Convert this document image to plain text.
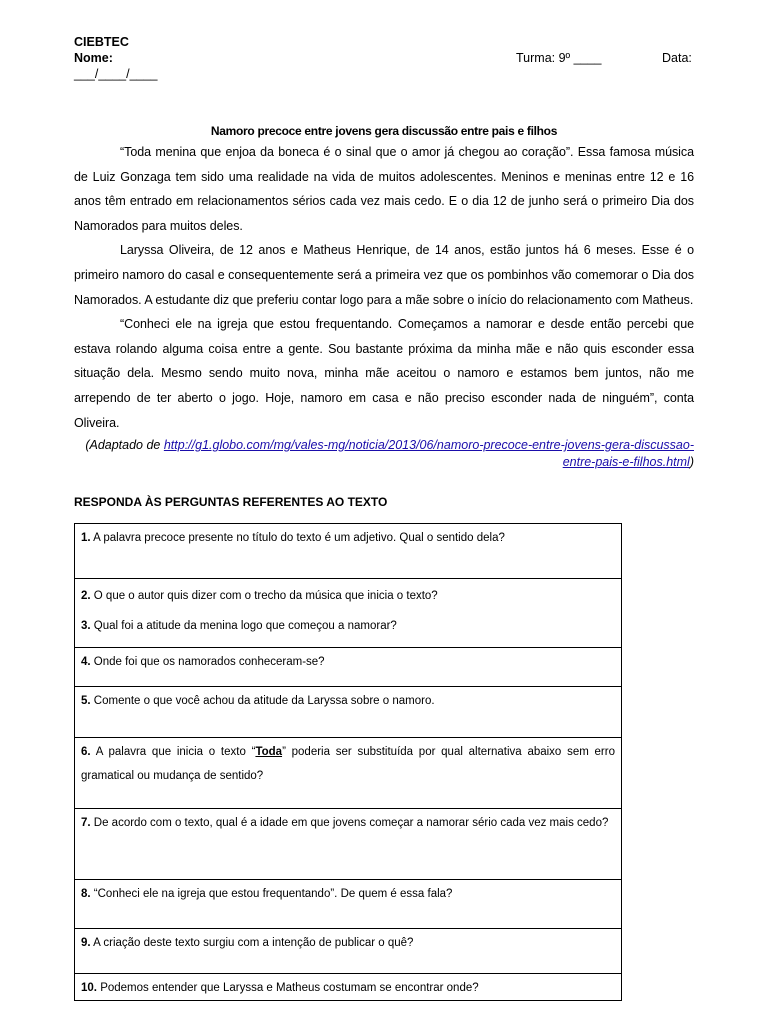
CIEBTEC
Nome:	Turma: 9º ____	Data:
___/____/____
Namoro precoce entre jovens gera discussão entre pais e filhos

“Toda menina que enjoa da boneca é o sinal que o amor já chegou ao coração”. Essa famosa música de Luiz Gonzaga tem sido uma realidade na vida de muitos adolescentes. Meninos e meninas entre 12 e 16 anos têm entrado em relacionamentos sérios cada vez mais cedo. E o dia 12 de junho será o primeiro Dia dos Namorados para muitos deles.

Laryssa Oliveira, de 12 anos e Matheus Henrique, de 14 anos, estão juntos há 6 meses. Esse é o primeiro namoro do casal e consequentemente será a primeira vez que os pombinhos vão comemorar o Dia dos Namorados. A estudante diz que preferiu contar logo para a mãe sobre o início do relacionamento com Matheus.

“Conheci ele na igreja que estou frequentando. Começamos a namorar e desde então percebi que estava rolando alguma coisa entre a gente. Sou bastante próxima da minha mãe e não quis esconder essa situação dela. Mesmo sendo muito nova, minha mãe aceitou o namoro e estamos bem juntos, não me arrependo de ter aberto o jogo. Hoje, namoro em casa e não preciso esconder nada de ninguém”, conta Oliveira.

(Adaptado de http://g1.globo.com/mg/vales-mg/noticia/2013/06/namoro-precoce-entre-jovens-gera-discussao-entre-pais-e-filhos.html)
RESPONDA ÀS PERGUNTAS REFERENTES AO TEXTO
1. A palavra precoce presente no título do texto é um adjetivo. Qual o sentido dela?

2. O que o autor quis dizer com o trecho da música que inicia o texto?
3. Qual foi a atitude da menina logo que começou a namorar?

4. Onde foi que os namorados conheceram-se?
5. Comente o que você achou da atitude da Laryssa sobre o namoro.
6. A palavra que inicia o texto “Toda” poderia ser substituída por qual alternativa abaixo sem erro gramatical ou mudança de sentido?
7. De acordo com o texto, qual é a idade em que jovens começar a namorar sério cada vez mais cedo?
8. “Conheci ele na igreja que estou frequentando”. De quem é essa fala?
9. A criação deste texto surgiu com a intenção de publicar o quê?
10. Podemos entender que Laryssa e Matheus costumam se encontrar onde?
